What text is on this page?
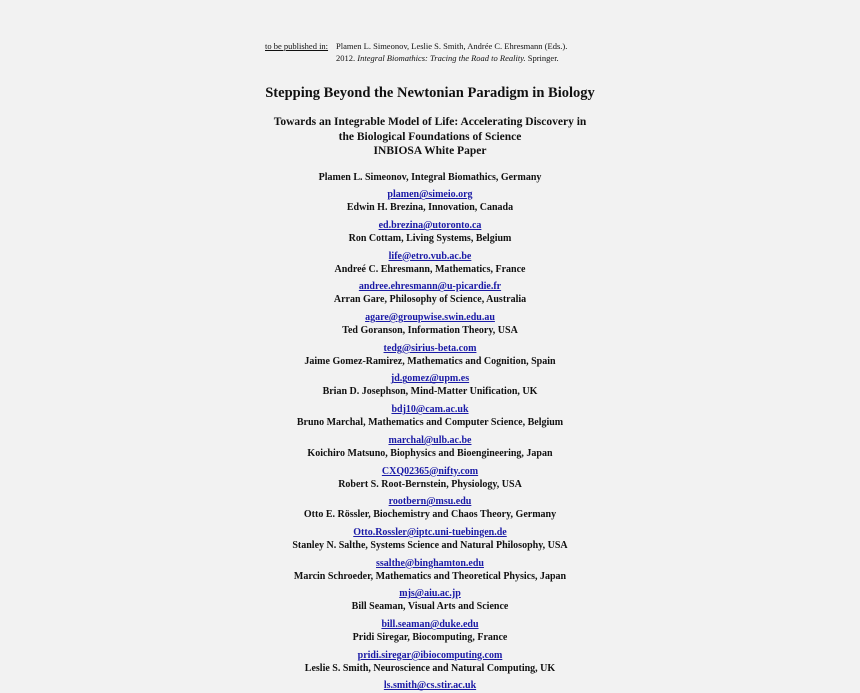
to be published in: Plamen L. Simeonov, Leslie S. Smith, Andrée C. Ehresmann (Eds.).
2012. Integral Biomathics: Tracing the Road to Reality. Springer.
Stepping Beyond the Newtonian Paradigm in Biology
Towards an Integrable Model of Life: Accelerating Discovery in
the Biological Foundations of Science
INBIOSA White Paper
Plamen L. Simeonov, Integral Biomathics, Germany
plamen@simeio.org
Edwin H. Brezina, Innovation, Canada
ed.brezina@utoronto.ca
Ron Cottam, Living Systems, Belgium
life@etro.vub.ac.be
Andreé C. Ehresmann, Mathematics, France
andree.ehresmann@u-picardie.fr
Arran Gare, Philosophy of Science, Australia
agare@groupwise.swin.edu.au
Ted Goranson, Information Theory, USA
tedg@sirius-beta.com
Jaime Gomez-Ramirez, Mathematics and Cognition, Spain
jd.gomez@upm.es
Brian D. Josephson, Mind-Matter Unification, UK
bdj10@cam.ac.uk
Bruno Marchal, Mathematics and Computer Science, Belgium
marchal@ulb.ac.be
Koichiro Matsuno, Biophysics and Bioengineering, Japan
CXQ02365@nifty.com
Robert S. Root-Bernstein, Physiology, USA
rootbern@msu.edu
Otto E. Rössler, Biochemistry and Chaos Theory, Germany
Otto.Rossler@iptc.uni-tuebingen.de
Stanley N. Salthe, Systems Science and Natural Philosophy, USA
ssalthe@binghamton.edu
Marcin Schroeder, Mathematics and Theoretical Physics, Japan
mjs@aiu.ac.jp
Bill Seaman, Visual Arts and Science
bill.seaman@duke.edu
Pridi Siregar, Biocomputing, France
pridi.siregar@ibiocomputing.com
Leslie S. Smith, Neuroscience and Natural Computing, UK
ls.smith@cs.stir.ac.uk
